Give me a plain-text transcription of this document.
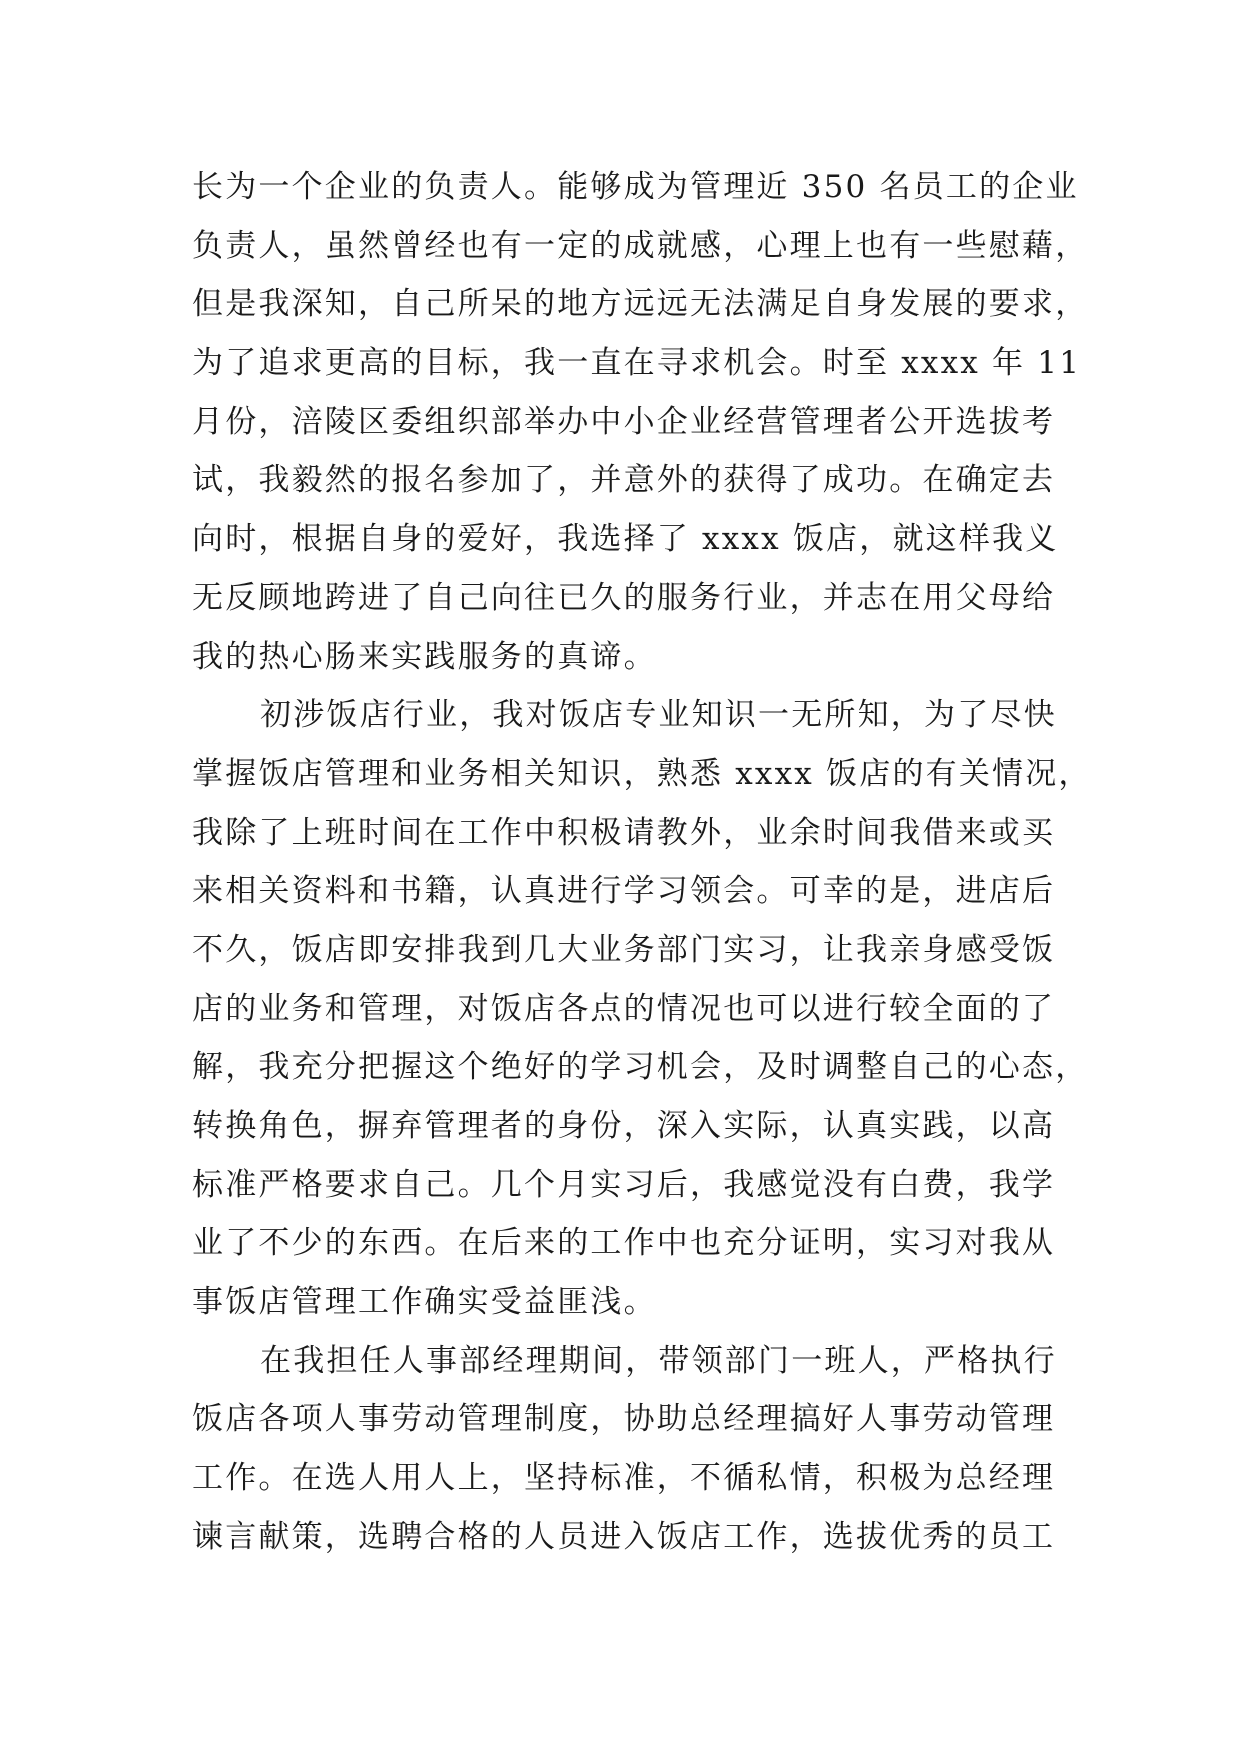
长为一个企业的负责人。能够成为管理近 350 名员工的企业
负责人，虽然曾经也有一定的成就感，心理上也有一些慰藉，
但是我深知，自己所呆的地方远远无法满足自身发展的要求，
为了追求更高的目标，我一直在寻求机会。时至 xxxx 年 11
月份，涪陵区委组织部举办中小企业经营管理者公开选拔考
试，我毅然的报名参加了，并意外的获得了成功。在确定去
向时，根据自身的爱好，我选择了 xxxx 饭店，就这样我义
无反顾地跨进了自己向往已久的服务行业，并志在用父母给
我的热心肠来实践服务的真谛。
初涉饭店行业，我对饭店专业知识一无所知，为了尽快
掌握饭店管理和业务相关知识，熟悉 xxxx 饭店的有关情况，
我除了上班时间在工作中积极请教外，业余时间我借来或买
来相关资料和书籍，认真进行学习领会。可幸的是，进店后
不久，饭店即安排我到几大业务部门实习，让我亲身感受饭
店的业务和管理，对饭店各点的情况也可以进行较全面的了
解，我充分把握这个绝好的学习机会，及时调整自己的心态，
转换角色，摒弃管理者的身份，深入实际，认真实践，以高
标准严格要求自己。几个月实习后，我感觉没有白费，我学
业了不少的东西。在后来的工作中也充分证明，实习对我从
事饭店管理工作确实受益匪浅。
在我担任人事部经理期间，带领部门一班人，严格执行
饭店各项人事劳动管理制度，协助总经理搞好人事劳动管理
工作。在选人用人上，坚持标准，不循私情，积极为总经理
谏言献策，选聘合格的人员进入饭店工作，选拔优秀的员工
